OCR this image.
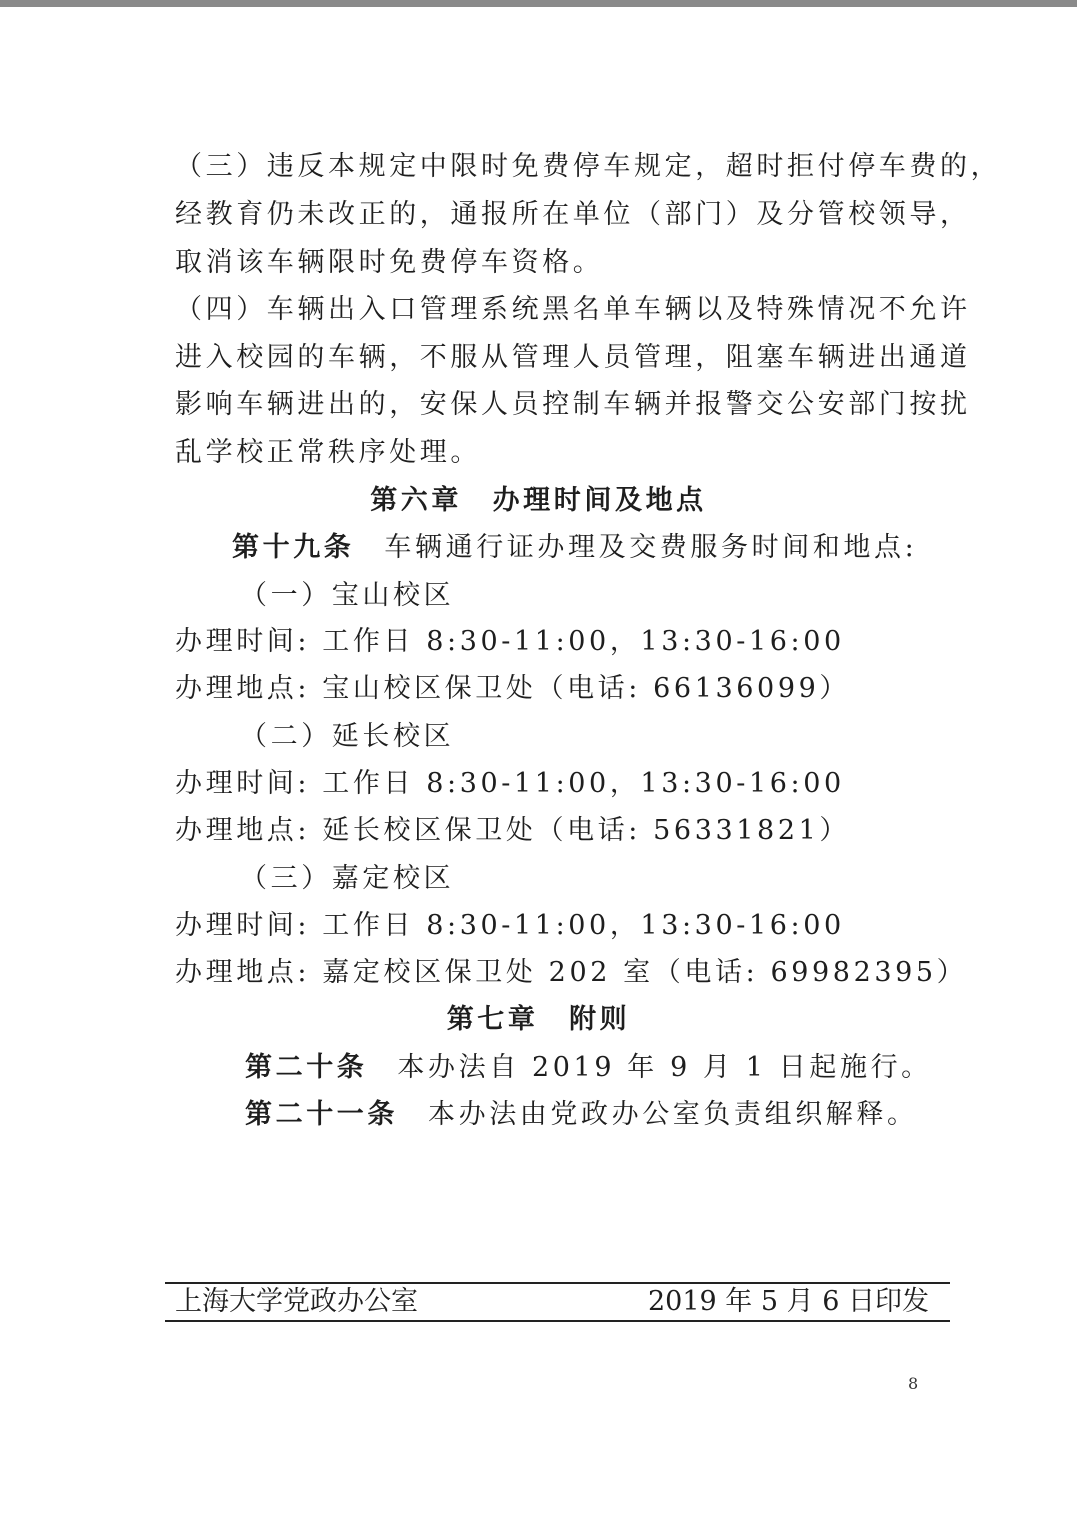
（三）违反本规定中限时免费停车规定，超时拒付停车费的，
经教育仍未改正的，通报所在单位（部门）及分管校领导，
取消该车辆限时免费停车资格。
（四）车辆出入口管理系统黑名单车辆以及特殊情况不允许
进入校园的车辆，不服从管理人员管理，阻塞车辆进出通道
影响车辆进出的，安保人员控制车辆并报警交公安部门按扰
乱学校正常秩序处理。
第六章　办理时间及地点
第十九条 车辆通行证办理及交费服务时间和地点:
（一）宝山校区
办理时间: 工作日 8:30-11:00，13:30-16:00
办理地点: 宝山校区保卫处（电话: 66136099）
（二）延长校区
办理时间: 工作日 8:30-11:00，13:30-16:00
办理地点: 延长校区保卫处（电话: 56331821）
（三）嘉定校区
办理时间: 工作日 8:30-11:00，13:30-16:00
办理地点: 嘉定校区保卫处 202 室（电话: 69982395）
第七章　附则
第二十条 本办法自 2019 年 9 月 1 日起施行。
第二十一条 本办法由党政办公室负责组织解释。
上海大学党政办公室	2019 年 5 月 6 日印发
8
